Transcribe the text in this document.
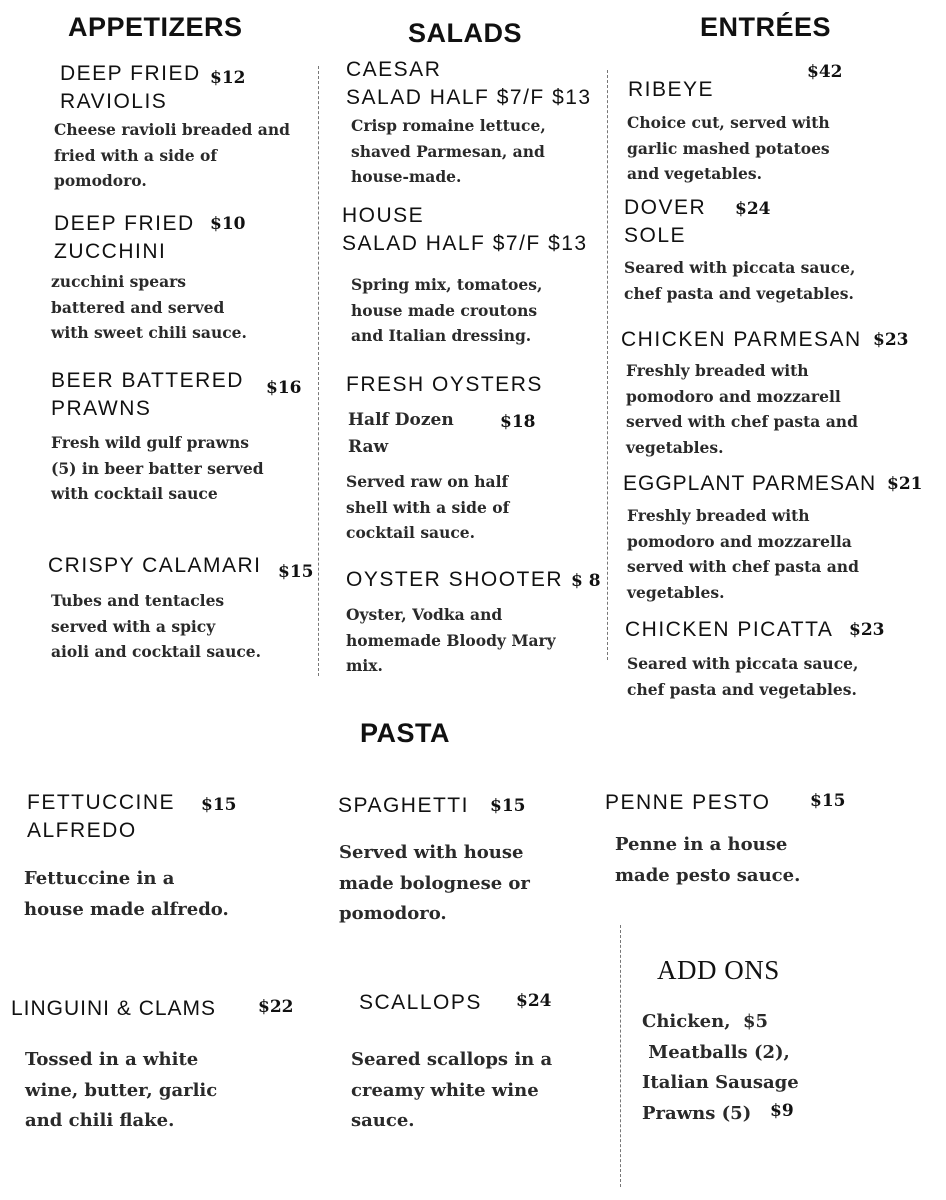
APPETIZERS	SALADS	ENTRÉES
PASTA
DEEP FRIED
RAVIOLIS
$12
Cheese ravioli breaded and
fried with a side of
pomodoro.
DEEP FRIED
ZUCCHINI
$10
zucchini spears
battered and served
with sweet chili sauce.
BEER BATTERED
PRAWNS
$16
Fresh wild gulf prawns
(5) in beer batter served
with cocktail sauce
CRISPY CALAMARI $15
Tubes and tentacles
served with a spicy
aioli and cocktail sauce.
CAESAR
SALAD HALF $7/F $13
Crisp romaine lettuce,
shaved Parmesan, and
house-made.
HOUSE
SALAD HALF $7/F $13
Spring mix, tomatoes,
house made croutons
and Italian dressing.
FRESH OYSTERS
Half Dozen
Raw
$18
Served raw on half
shell with a side of
cocktail sauce.
OYSTER SHOOTER $ 8
Oyster, Vodka and
homemade Bloody Mary
mix.
RIBEYE
$42
Choice cut, served with
garlic mashed potatoes
and vegetables.
DOVER
SOLE
$24
Seared with piccata sauce,
chef pasta and vegetables.
CHICKEN PARMESAN $23
Freshly breaded with
pomodoro and mozzarell
served with chef pasta and
vegetables.
EGGPLANT PARMESAN $21
Freshly breaded with
pomodoro and mozzarella
served with chef pasta and
vegetables.
CHICKEN PICATTA $23
Seared with piccata sauce,
chef pasta and vegetables.
FETTUCCINE
ALFREDO
$15
Fettuccine in a
house made alfredo.
SPAGHETTI $15
Served with house
made bolognese or
pomodoro.
PENNE PESTO $15
Penne in a house
made pesto sauce.
LINGUINI & CLAMS $22
Tossed in a white
wine, butter, garlic
and chili flake.
SCALLOPS $24
Seared scallops in a
creamy white wine
sauce.
ADD ONS
Chicken,  $5
Meatballs (2),
Italian Sausage
Prawns (5)	$9
